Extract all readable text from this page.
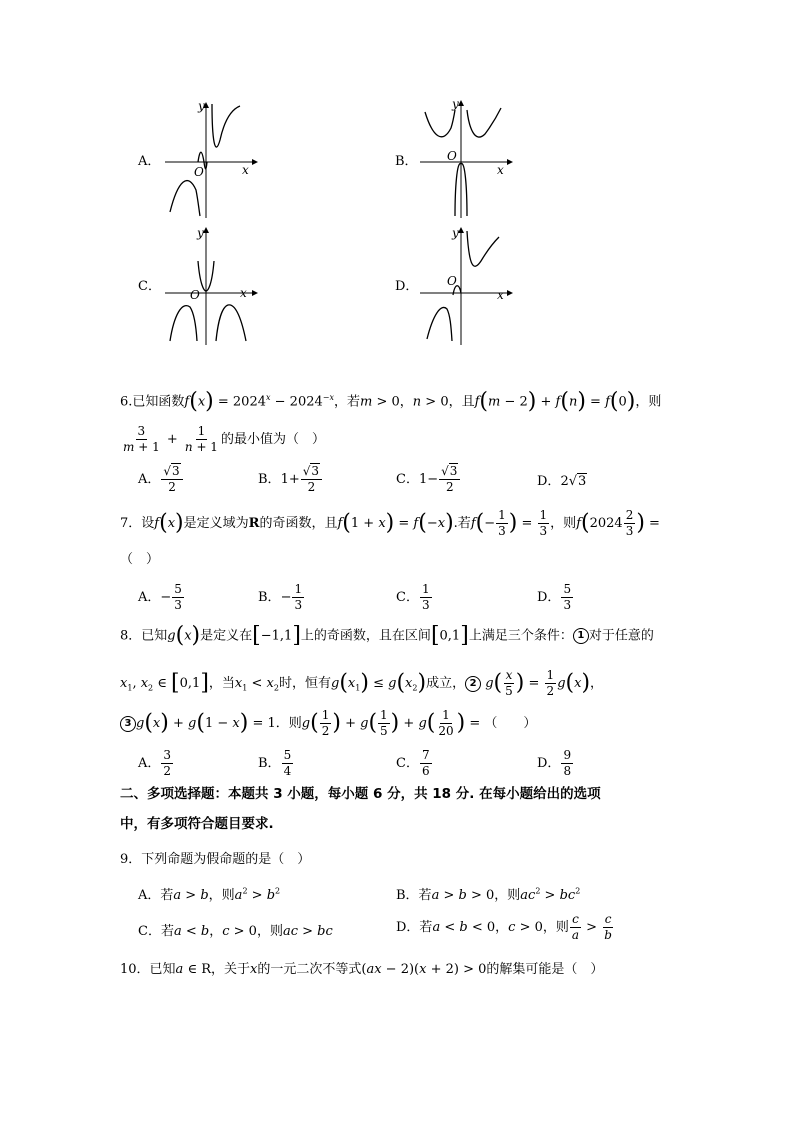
A．
O	x
y
B． O
x
y
C．
O	x
y
D． O
x
y
6.已知函数$f(x) = 2024^x - 2024^{-x}$，若m > 0，n > 0，且f(m − 2) + f(n) = f(0)，则
$\frac{3}{m + 1} + \frac{1}{n + 1}$ 的最小值为（　）
A． $\frac{√3}{2}$	B．$1+ \frac{√3}{2}$	C．$1- \frac{√3}{2}$	D．2√3
7．设f(x)是定义域为R的奇函数，且f(1 + x) = f(−x).若$f(- \frac{1}{3}$ ) = $\frac{1}{3}$ ，则$f(2024 \frac{2}{3}$ ) =
（　）
A．− $\frac{5}{3}$	B．− $\frac{1}{3}$	C． $\frac{1}{3}$	D． $\frac{5}{3}$
8．已知g(x)是定义在[−1,1]上的奇函数，且在区间[0,1]上满足三个条件： 1 对于任意的
$x_1$, $x_2$ ∈ [0,1]，当$x_1 < x_2$时，恒有$g(x_1) \le g(x_2)$成立， 2 $g( \frac{x}{5}$ ) = $\frac{1}{2} g(x)$，
3 g(x) + g(1 − x) = 1．则$g( \frac{1}{2}$ ) + $g( \frac{1}{5}$ ) + $g( \frac{1}{20}$ ) = （　　）
A． $\frac{3}{2}$	B． $\frac{5}{4}$	C． $\frac{7}{6}$	D． $\frac{9}{8}$
二、多项选择题：本题共 3 小题，每小题 6 分，共 18 分. 在每小题给出的选项
中，有多项符合题目要求.
9．下列命题为假命题的是（　）
A．若a > b，则$a^2 > b^2$	B．若a > b > 0，则$ac^2 > bc^2$
C．若a < b，c > 0，则ac > bc	D．若a < b < 0，c > 0，则 $\frac{c}{a} > \frac{c}{b}$
10．已知a ∈ R，关于x的一元二次不等式(ax − 2)(x + 2) > 0的解集可能是（　）
